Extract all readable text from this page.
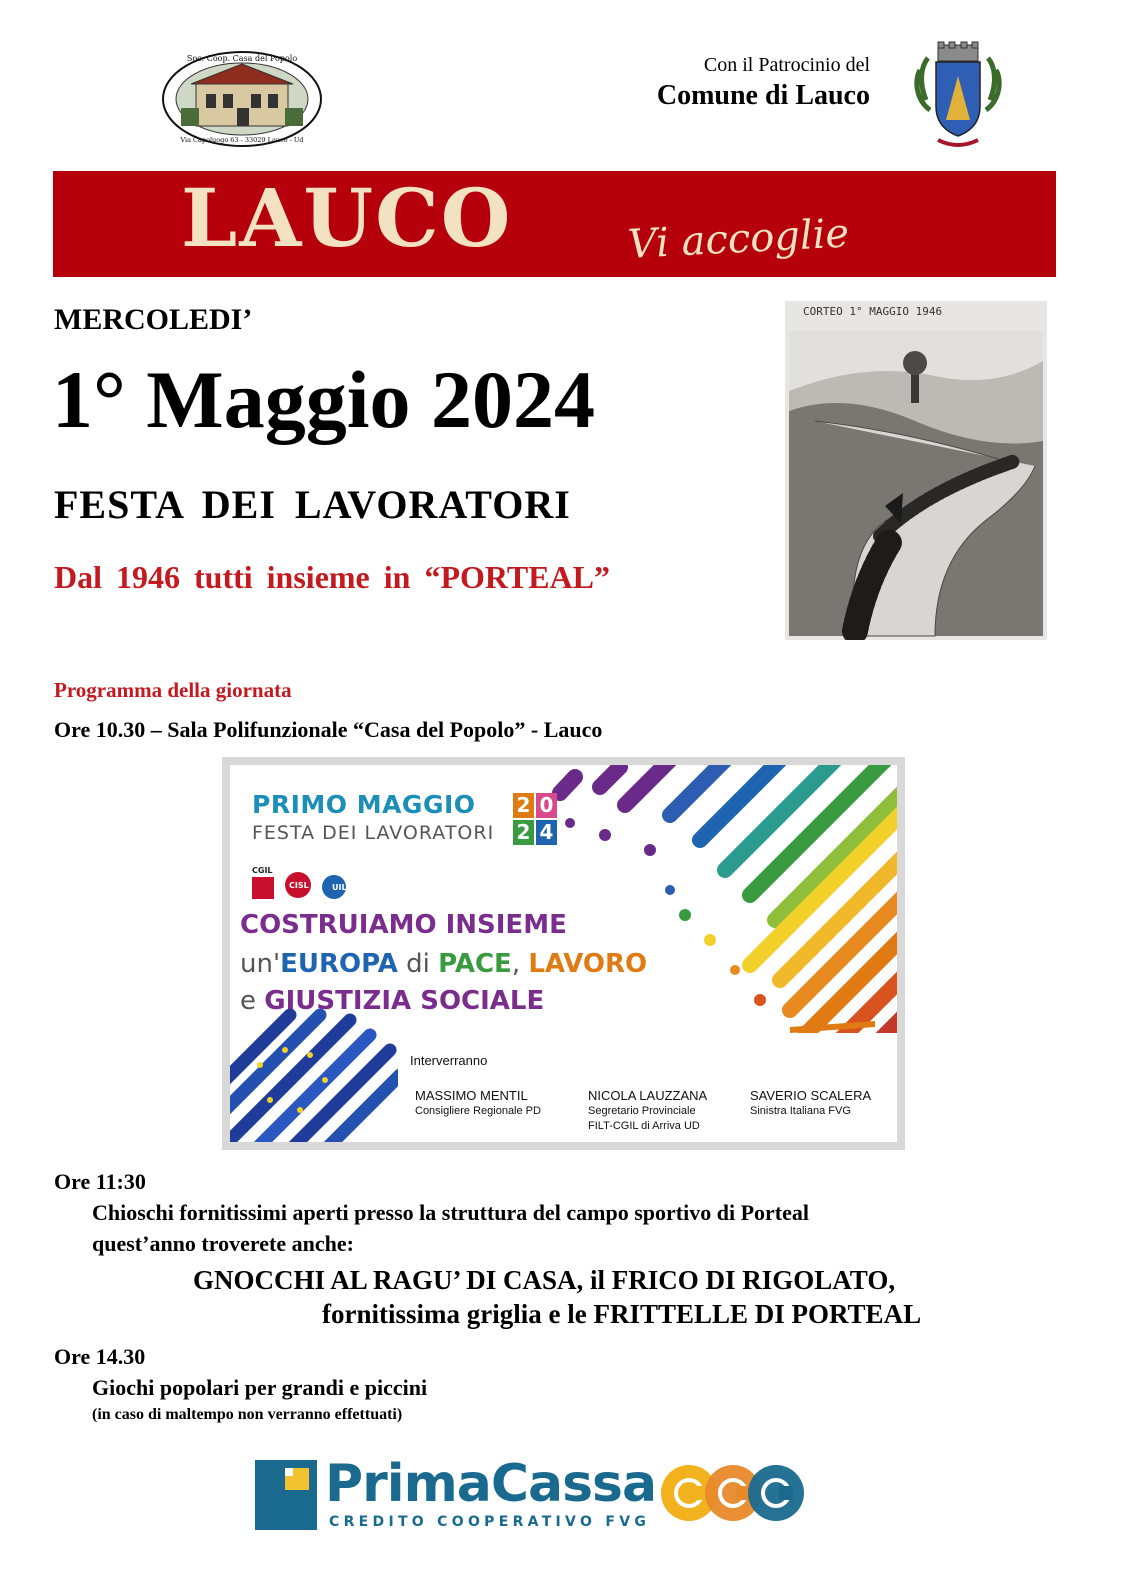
Soc. Coop. Casa del Popolo
Via Capoluogo 63 - 33029 Lauco - Ud
Con il Patrocinio del
Comune di Lauco
LAUCO	Vi accoglie
MERCOLEDI’
1° Maggio 2024
FESTA DEI LAVORATORI
Dal 1946 tutti insieme in “PORTEAL”
CORTEO 1° MAGGIO 1946
Programma della giornata
Ore 10.30 – Sala Polifunzionale “Casa del Popolo” - Lauco
PRIMO MAGGIO
FESTA DEI LAVORATORI
2 0
2 4
CGIL
CISL	UIL
COSTRUIAMO INSIEME
un'EUROPA di PACE, LAVORO
e GIUSTIZIA SOCIALE
Interverranno
MASSIMO MENTIL
Consigliere Regionale PD
NICOLA LAUZZANA
Segretario Provinciale
FILT-CGIL di Arriva UD
SAVERIO SCALERA
Sinistra Italiana FVG
Ore 11:30
Chioschi fornitissimi aperti presso la struttura del campo sportivo di Porteal
quest’anno troverete anche:
GNOCCHI AL RAGU’ DI CASA, il FRICO DI RIGOLATO,
fornitissima griglia e le FRITTELLE DI PORTEAL
Ore 14.30
Giochi popolari per grandi e piccini
(in caso di maltempo non verranno effettuati)
PrimaCassa
CREDITO COOPERATIVO FVG
